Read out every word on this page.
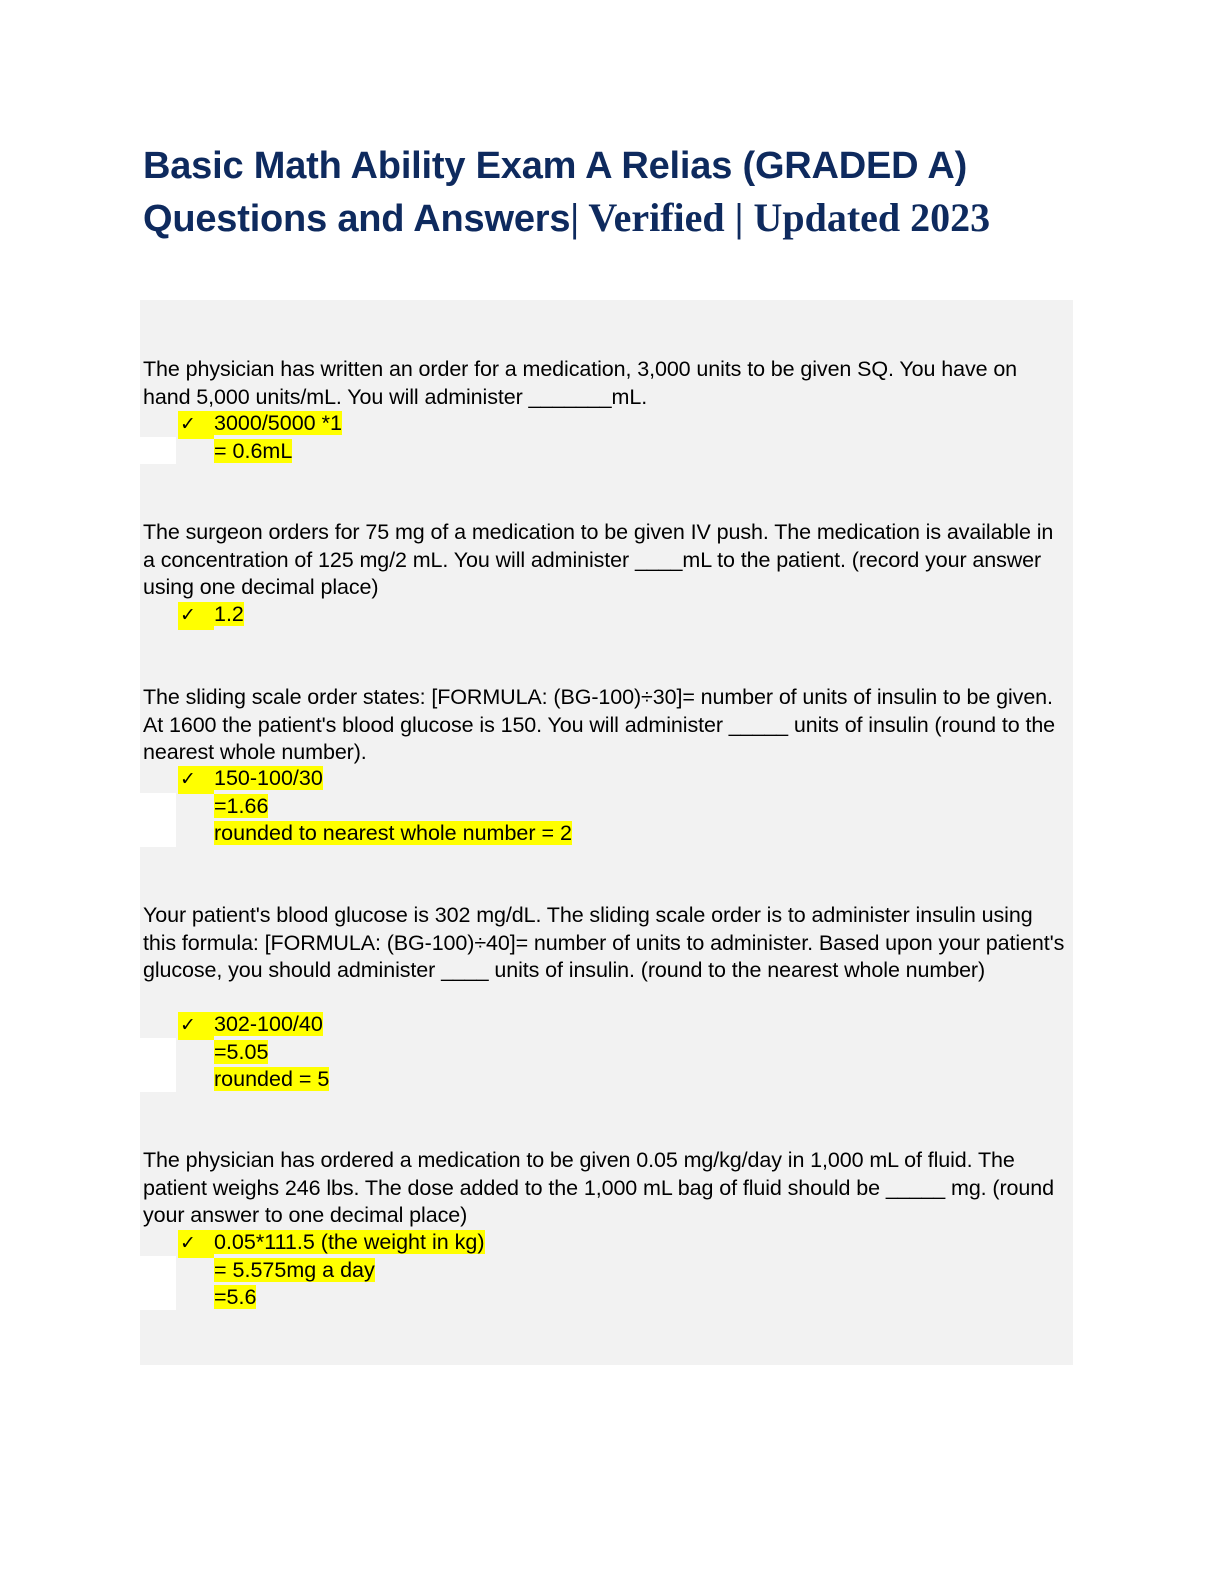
Basic Math Ability Exam A Relias (GRADED A)
Questions and Answers| Verified | Updated 2023

The physician has written an order for a medication, 3,000 units to be given SQ. You have on hand 5,000 units/mL. You will administer _______mL.

✓ 3000/5000 *1
= 0.6mL

The surgeon orders for 75 mg of a medication to be given IV push. The medication is available in a concentration of 125 mg/2 mL. You will administer ____mL to the patient. (record your answer using one decimal place)

✓ 1.2

The sliding scale order states: [FORMULA: (BG-100)÷30]= number of units of insulin to be given. At 1600 the patient's blood glucose is 150. You will administer _____ units of insulin (round to the nearest whole number).

✓ 150-100/30
=1.66
rounded to nearest whole number = 2

Your patient's blood glucose is 302 mg/dL. The sliding scale order is to administer insulin using this formula: [FORMULA: (BG-100)÷40]= number of units to administer. Based upon your patient's glucose, you should administer ____ units of insulin. (round to the nearest whole number)

✓ 302-100/40
=5.05
rounded = 5

The physician has ordered a medication to be given 0.05 mg/kg/day in 1,000 mL of fluid. The patient weighs 246 lbs. The dose added to the 1,000 mL bag of fluid should be _____ mg. (round your answer to one decimal place)

✓ 0.05*111.5 (the weight in kg)
= 5.575mg a day
=5.6
